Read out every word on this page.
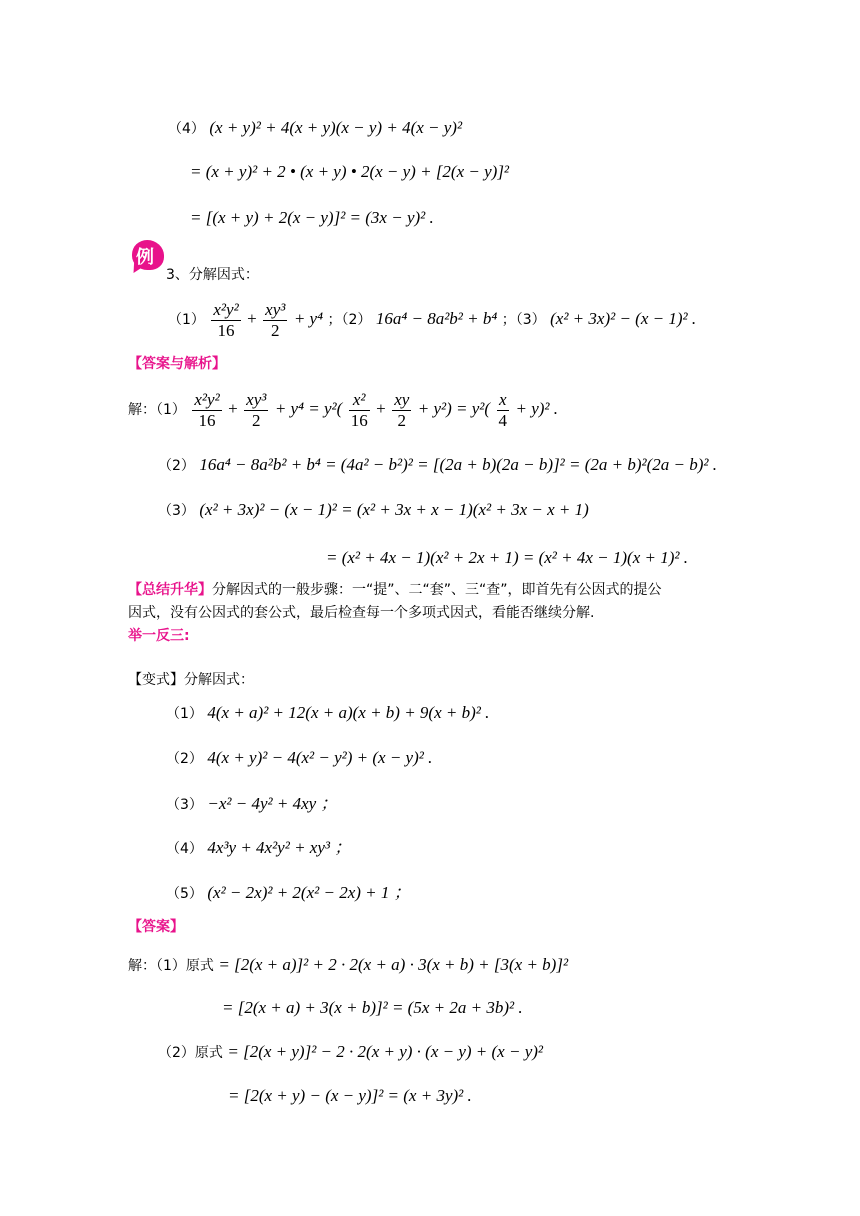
（4） (x + y)² + 4(x + y)(x − y) + 4(x − y)²
= (x + y)² + 2 • (x + y) • 2(x − y) + [2(x − y)]²
= [(x + y) + 2(x − y)]² = (3x − y)² .
例
3、分解因式：
$(1) \frac{\text{x²y²}}{16} + \frac{\text{xy³}}{2} + y^4$ ；（2） 16a⁴ − 8a²b² + b⁴ ；（3） (x² + 3x)² − (x − 1)² .
【答案与解析】
解：$(1) \frac{\text{x²y²}}{16} + \frac{\text{xy³}}{2} + y^4 = y^2( \frac{\text{x²}}{16} + \frac{xy}{2} + y^2) = y^2( \frac{x}{4} + y)^2$ .
（2） 16a⁴ − 8a²b² + b⁴ = (4a² − b²)² = [(2a + b)(2a − b)]² = (2a + b)²(2a − b)² .
（3） (x² + 3x)² − (x − 1)² = (x² + 3x + x − 1)(x² + 3x − x + 1)
= (x² + 4x − 1)(x² + 2x + 1) = (x² + 4x − 1)(x + 1)² .
【总结升华】分解因式的一般步骤：一“提”、二“套”、三“查”，即首先有公因式的提公
因式，没有公因式的套公式，最后检查每一个多项式因式，看能否继续分解.
举一反三:
【变式】分解因式：
（1） 4(x + a)² + 12(x + a)(x + b) + 9(x + b)² .
（2） 4(x + y)² − 4(x² − y²) + (x − y)² .
（3） −x² − 4y² + 4xy ；
（4） 4x³y + 4x²y² + xy³ ；
（5） (x² − 2x)² + 2(x² − 2x) + 1 ；
【答案】
解：（1）原式 = [2(x + a)]² + 2 · 2(x + a) · 3(x + b) + [3(x + b)]²
= [2(x + a) + 3(x + b)]² = (5x + 2a + 3b)² .
（2）原式 = [2(x + y)]² − 2 · 2(x + y) · (x − y) + (x − y)²
= [2(x + y) − (x − y)]² = (x + 3y)² .
